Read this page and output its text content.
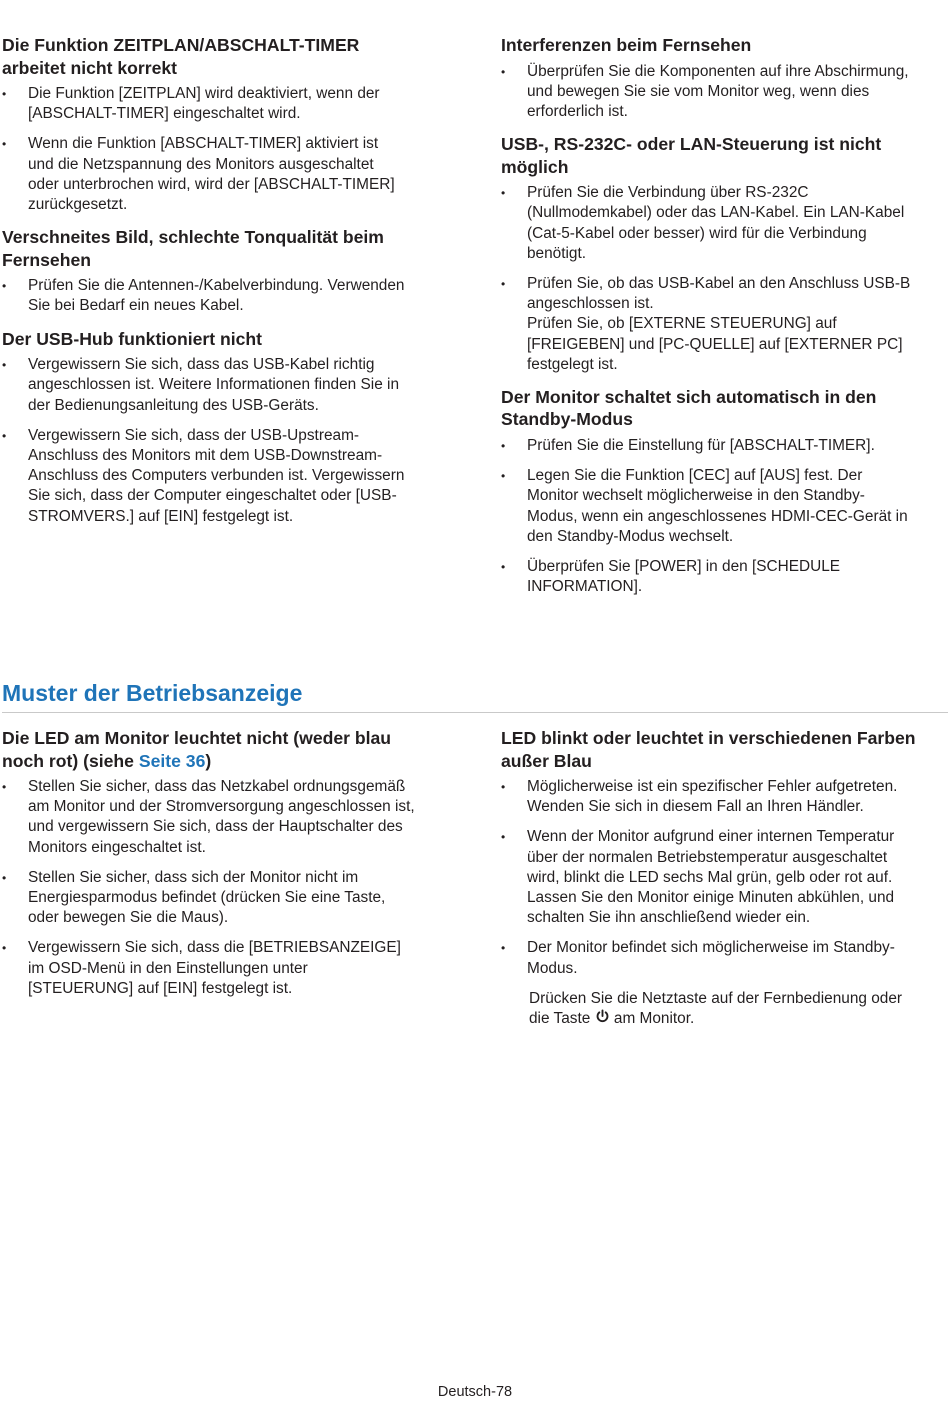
Die Funktion ZEITPLAN/ABSCHALT-TIMER
arbeitet nicht korrekt
• Die Funktion [ZEITPLAN] wird deaktiviert, wenn der
[ABSCHALT-TIMER] eingeschaltet wird.
• Wenn die Funktion [ABSCHALT-TIMER] aktiviert ist
und die Netzspannung des Monitors ausgeschaltet
oder unterbrochen wird, wird der [ABSCHALT-TIMER]
zurückgesetzt.
Verschneites Bild, schlechte Tonqualität beim
Fernsehen
• Prüfen Sie die Antennen-/Kabelverbindung. Verwenden
Sie bei Bedarf ein neues Kabel.
Der USB-Hub funktioniert nicht
• Vergewissern Sie sich, dass das USB-Kabel richtig
angeschlossen ist. Weitere Informationen finden Sie in
der Bedienungsanleitung des USB-Geräts.
• Vergewissern Sie sich, dass der USB-Upstream-
Anschluss des Monitors mit dem USB-Downstream-
Anschluss des Computers verbunden ist. Vergewissern
Sie sich, dass der Computer eingeschaltet oder [USB-
STROMVERS.] auf [EIN] festgelegt ist.
Interferenzen beim Fernsehen
• Überprüfen Sie die Komponenten auf ihre Abschirmung,
und bewegen Sie sie vom Monitor weg, wenn dies
erforderlich ist.
USB-, RS-232C- oder LAN-Steuerung ist nicht
möglich
• Prüfen Sie die Verbindung über RS-232C
(Nullmodemkabel) oder das LAN-Kabel. Ein LAN-Kabel
(Cat-5-Kabel oder besser) wird für die Verbindung
benötigt.
• Prüfen Sie, ob das USB-Kabel an den Anschluss USB-B
angeschlossen ist.
Prüfen Sie, ob [EXTERNE STEUERUNG] auf
[FREIGEBEN] und [PC-QUELLE] auf [EXTERNER PC]
festgelegt ist.
Der Monitor schaltet sich automatisch in den
Standby-Modus
• Prüfen Sie die Einstellung für [ABSCHALT-TIMER].
• Legen Sie die Funktion [CEC] auf [AUS] fest. Der
Monitor wechselt möglicherweise in den Standby-
Modus, wenn ein angeschlossenes HDMI-CEC-Gerät in
den Standby-Modus wechselt.
• Überprüfen Sie [POWER] in den [SCHEDULE
INFORMATION].
Muster der Betriebsanzeige
Die LED am Monitor leuchtet nicht (weder blau
noch rot) (siehe Seite 36)
• Stellen Sie sicher, dass das Netzkabel ordnungsgemäß
am Monitor und der Stromversorgung angeschlossen ist,
und vergewissern Sie sich, dass der Hauptschalter des
Monitors eingeschaltet ist.
• Stellen Sie sicher, dass sich der Monitor nicht im
Energiesparmodus befindet (drücken Sie eine Taste,
oder bewegen Sie die Maus).
• Vergewissern Sie sich, dass die [BETRIEBSANZEIGE]
im OSD-Menü in den Einstellungen unter
[STEUERUNG] auf [EIN] festgelegt ist.
LED blinkt oder leuchtet in verschiedenen Farben
außer Blau
• Möglicherweise ist ein spezifischer Fehler aufgetreten.
Wenden Sie sich in diesem Fall an Ihren Händler.
• Wenn der Monitor aufgrund einer internen Temperatur
über der normalen Betriebstemperatur ausgeschaltet
wird, blinkt die LED sechs Mal grün, gelb oder rot auf.
Lassen Sie den Monitor einige Minuten abkühlen, und
schalten Sie ihn anschließend wieder ein.
• Der Monitor befindet sich möglicherweise im Standby-
Modus.

Drücken Sie die Netztaste auf der Fernbedienung oder
die Taste  am Monitor.

Deutsch-78
